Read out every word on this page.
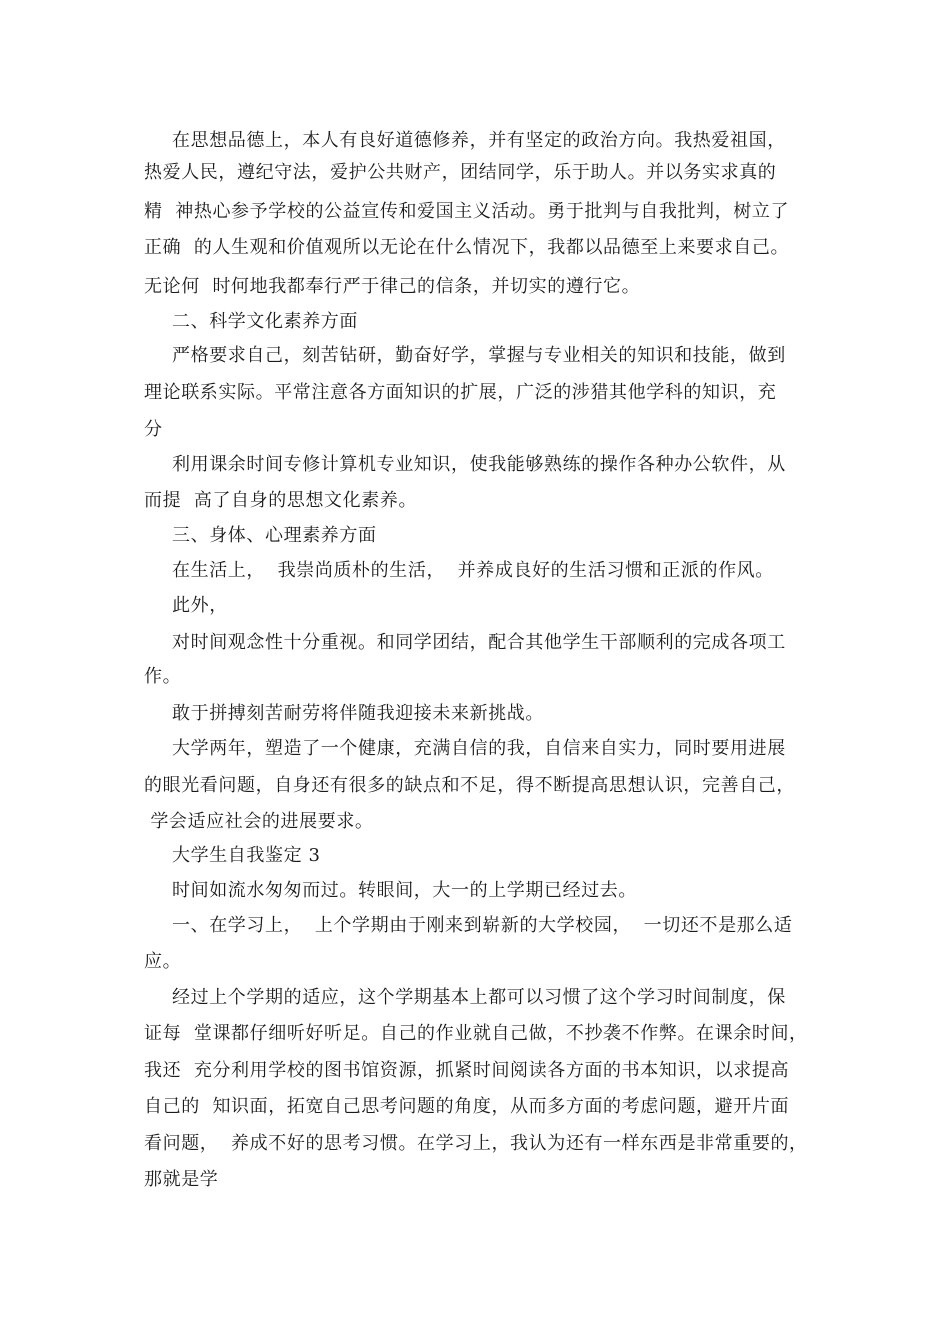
在思想品德上，本人有良好道德修养，并有坚定的政治方向。我热爱祖国，
热爱人民，遵纪守法，爱护公共财产，团结同学，乐于助人。并以务实求真的
精  神热心参予学校的公益宣传和爱国主义活动。勇于批判与自我批判，树立了
正确  的人生观和价值观所以无论在什么情况下，我都以品德至上来要求自己。
无论何  时何地我都奉行严于律己的信条，并切实的遵行它。
二、科学文化素养方面
严格要求自己，刻苦钻研，勤奋好学，掌握与专业相关的知识和技能，做到
理论联系实际。平常注意各方面知识的扩展，广泛的涉猎其他学科的知识，充
分
利用课余时间专修计算机专业知识，使我能够熟练的操作各种办公软件，从
而提  高了自身的思想文化素养。
三、身体、心理素养方面
在生活上，  我崇尚质朴的生活，  并养成良好的生活习惯和正派的作风。
此外，
对时间观念性十分重视。和同学团结，配合其他学生干部顺利的完成各项工
作。
敢于拼搏刻苦耐劳将伴随我迎接未来新挑战。
大学两年，塑造了一个健康，充满自信的我，自信来自实力，同时要用进展
的眼光看问题，自身还有很多的缺点和不足，得不断提高思想认识，完善自己，
学会适应社会的进展要求。
大学生自我鉴定 3
时间如流水匆匆而过。转眼间，大一的上学期已经过去。
一、在学习上，  上个学期由于刚来到崭新的大学校园，  一切还不是那么适
应。
经过上个学期的适应，这个学期基本上都可以习惯了这个学习时间制度，保
证每  堂课都仔细听好听足。自己的作业就自己做，不抄袭不作弊。在课余时间，
我还  充分利用学校的图书馆资源，抓紧时间阅读各方面的书本知识，以求提高
自己的  知识面，拓宽自己思考问题的角度，从而多方面的考虑问题，避开片面
看问题，  养成不好的思考习惯。在学习上，我认为还有一样东西是非常重要的，
那就是学
